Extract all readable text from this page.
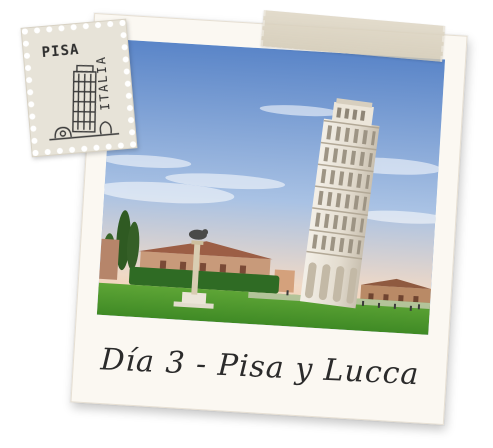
Día 3 - Pisa y Lucca
PISA
ITALIA
